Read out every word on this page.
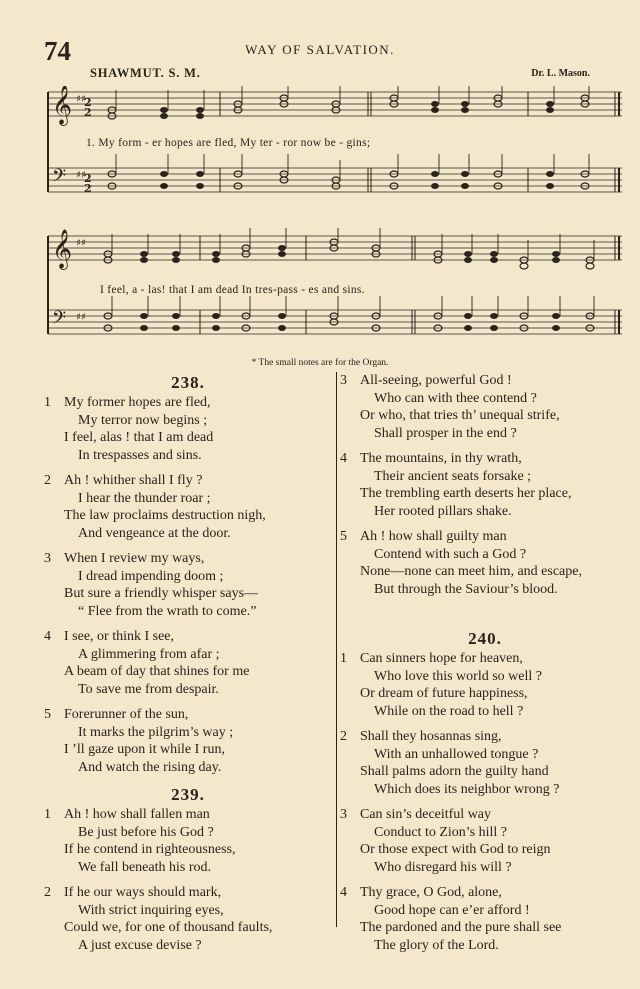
74	WAY OF SALVATION.
SHAWMUT. S. M.	Dr. L. Mason.
𝄞
𝄢
♯♯
♯♯
2
2
2
2
1. My form - er hopes are fled, My ter - ror now be - gins;
𝄞
𝄢
♯♯
♯♯
I feel, a - las! that I am dead In tres-pass - es and sins.
* The small notes are for the Organ.
238.
1 My former hopes are fled,
My terror now begins ;
I feel, alas ! that I am dead
In trespasses and sins.
2 Ah ! whither shall I fly ?
I hear the thunder roar ;
The law proclaims destruction nigh,
And vengeance at the door.
3 When I review my ways,
I dread impending doom ;
But sure a friendly whisper says—
“ Flee from the wrath to come.”
4 I see, or think I see,
A glimmering from afar ;
A beam of day that shines for me
To save me from despair.
5 Forerunner of the sun,
It marks the pilgrim’s way ;
I ’ll gaze upon it while I run,
And watch the rising day.
239.
1 Ah ! how shall fallen man
Be just before his God ?
If he contend in righteousness,
We fall beneath his rod.
2 If he our ways should mark,
With strict inquiring eyes,
Could we, for one of thousand faults,
A just excuse devise ?
3 All-seeing, powerful God !
Who can with thee contend ?
Or who, that tries th’ unequal strife,
Shall prosper in the end ?
4 The mountains, in thy wrath,
Their ancient seats forsake ;
The trembling earth deserts her place,
Her rooted pillars shake.
5 Ah ! how shall guilty man
Contend with such a God ?
None—none can meet him, and escape,
But through the Saviour’s blood.
240.
1 Can sinners hope for heaven,
Who love this world so well ?
Or dream of future happiness,
While on the road to hell ?
2 Shall they hosannas sing,
With an unhallowed tongue ?
Shall palms adorn the guilty hand
Which does its neighbor wrong ?
3 Can sin’s deceitful way
Conduct to Zion’s hill ?
Or those expect with God to reign
Who disregard his will ?
4 Thy grace, O God, alone,
Good hope can e’er afford !
The pardoned and the pure shall see
The glory of the Lord.
